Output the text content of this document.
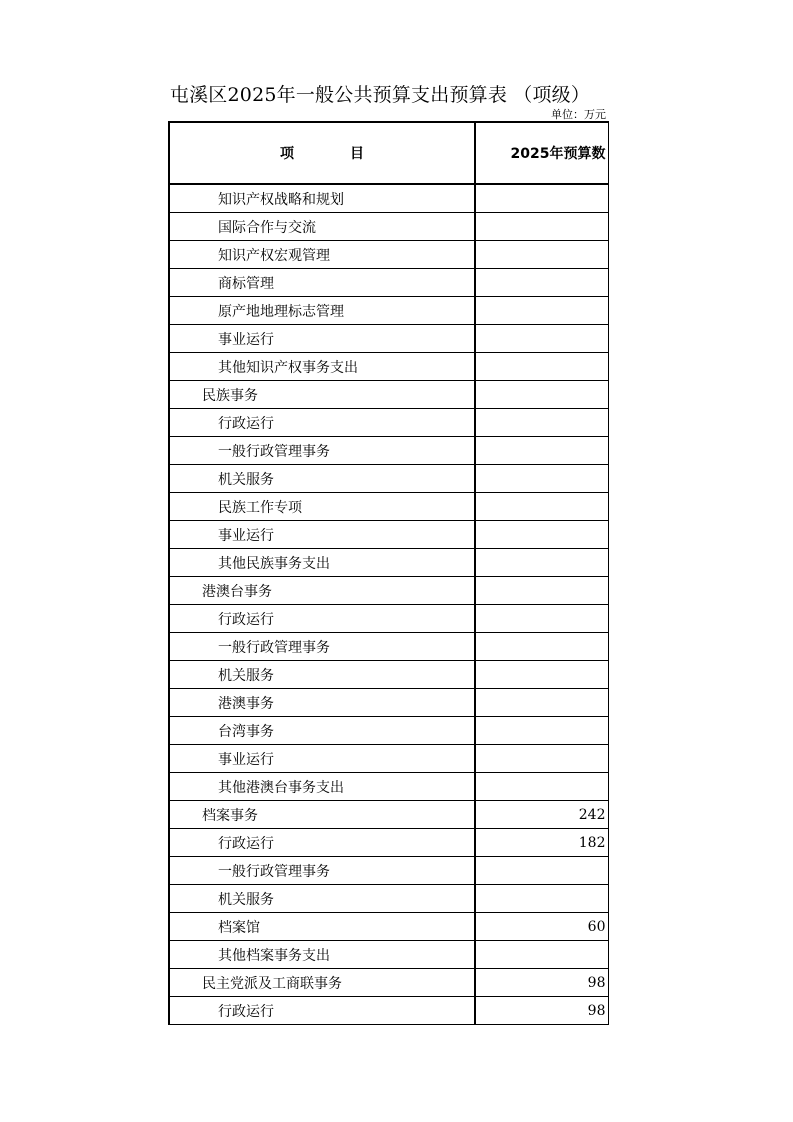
屯溪区2025年一般公共预算支出预算表 （项级）
单位：万元
项 目	2025年预算数
知识产权战略和规划	
国际合作与交流	
知识产权宏观管理	
商标管理	
原产地地理标志管理	
事业运行	
其他知识产权事务支出	
民族事务	
行政运行	
一般行政管理事务	
机关服务	
民族工作专项	
事业运行	
其他民族事务支出	
港澳台事务	
行政运行	
一般行政管理事务	
机关服务	
港澳事务	
台湾事务	
事业运行	
其他港澳台事务支出	
档案事务	242
行政运行	182
一般行政管理事务	
机关服务	
档案馆	60
其他档案事务支出	
民主党派及工商联事务	98
行政运行	98
